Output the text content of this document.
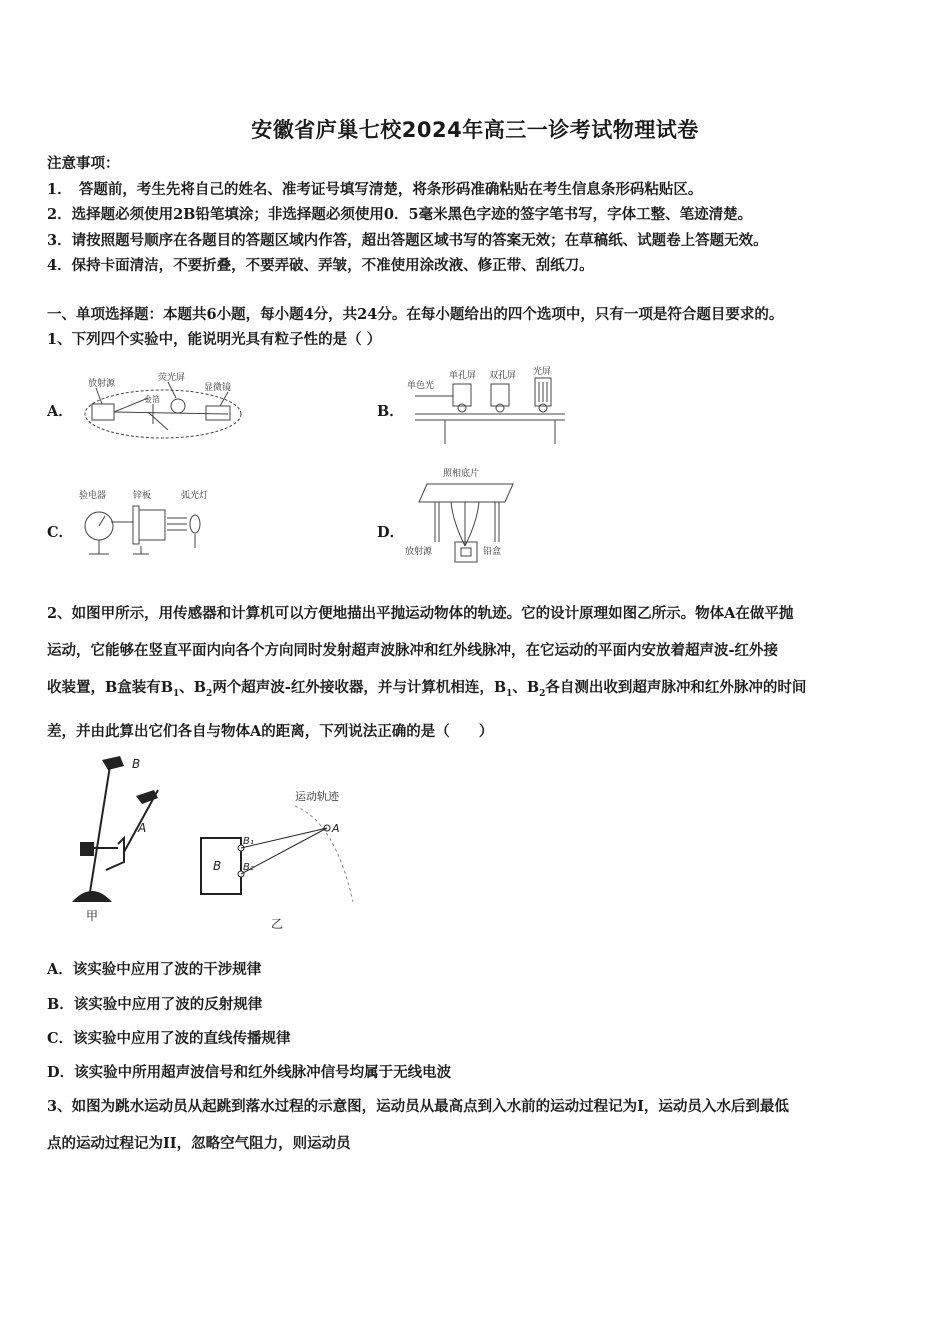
安徽省庐巢七校2024年高三一诊考试物理试卷
注意事项：
1．　答题前，考生先将自己的姓名、准考证号填写清楚，将条形码准确粘贴在考生信息条形码粘贴区。
2．选择题必须使用2B铅笔填涂；非选择题必须使用0．5毫米黑色字迹的签字笔书写，字体工整、笔迹清楚。
3．请按照题号顺序在各题目的答题区域内作答，超出答题区域书写的答案无效；在草稿纸、试题卷上答题无效。
4．保持卡面清洁，不要折叠，不要弄破、弄皱，不准使用涂改液、修正带、刮纸刀。
一、单项选择题：本题共6小题，每小题4分，共24分。在每小题给出的四个选项中，只有一项是符合题目要求的。
1、下列四个实验中，能说明光具有粒子性的是（ ）
A．	B．
C．	D．
放射源
荧光屏
显微镜
金箔
单色光
单孔屏 双孔屏 光屏
验电器	锌板	弧光灯
照相底片
放射源	铅盒
2、如图甲所示，用传感器和计算机可以方便地描出平抛运动物体的轨迹。它的设计原理如图乙所示。物体A在做平抛
运动，它能够在竖直平面内向各个方向同时发射超声波脉冲和红外线脉冲，在它运动的平面内安放着超声波-红外接
收装置，B盒装有$B_1$、$B_2$两个超声波-红外接收器，并与计算机相连，$B_1$、$B_2$各自测出收到超声脉冲和红外脉冲的时间
差，并由此算出它们各自与物体A的距离，下列说法正确的是（　　）
B
A
甲
运动轨迹
A
B
B₁
B₂
乙
A．该实验中应用了波的干涉规律
B．该实验中应用了波的反射规律
C．该实验中应用了波的直线传播规律
D．该实验中所用超声波信号和红外线脉冲信号均属于无线电波
3、如图为跳水运动员从起跳到落水过程的示意图，运动员从最高点到入水前的运动过程记为I，运动员入水后到最低
点的运动过程记为II，忽略空气阻力，则运动员
